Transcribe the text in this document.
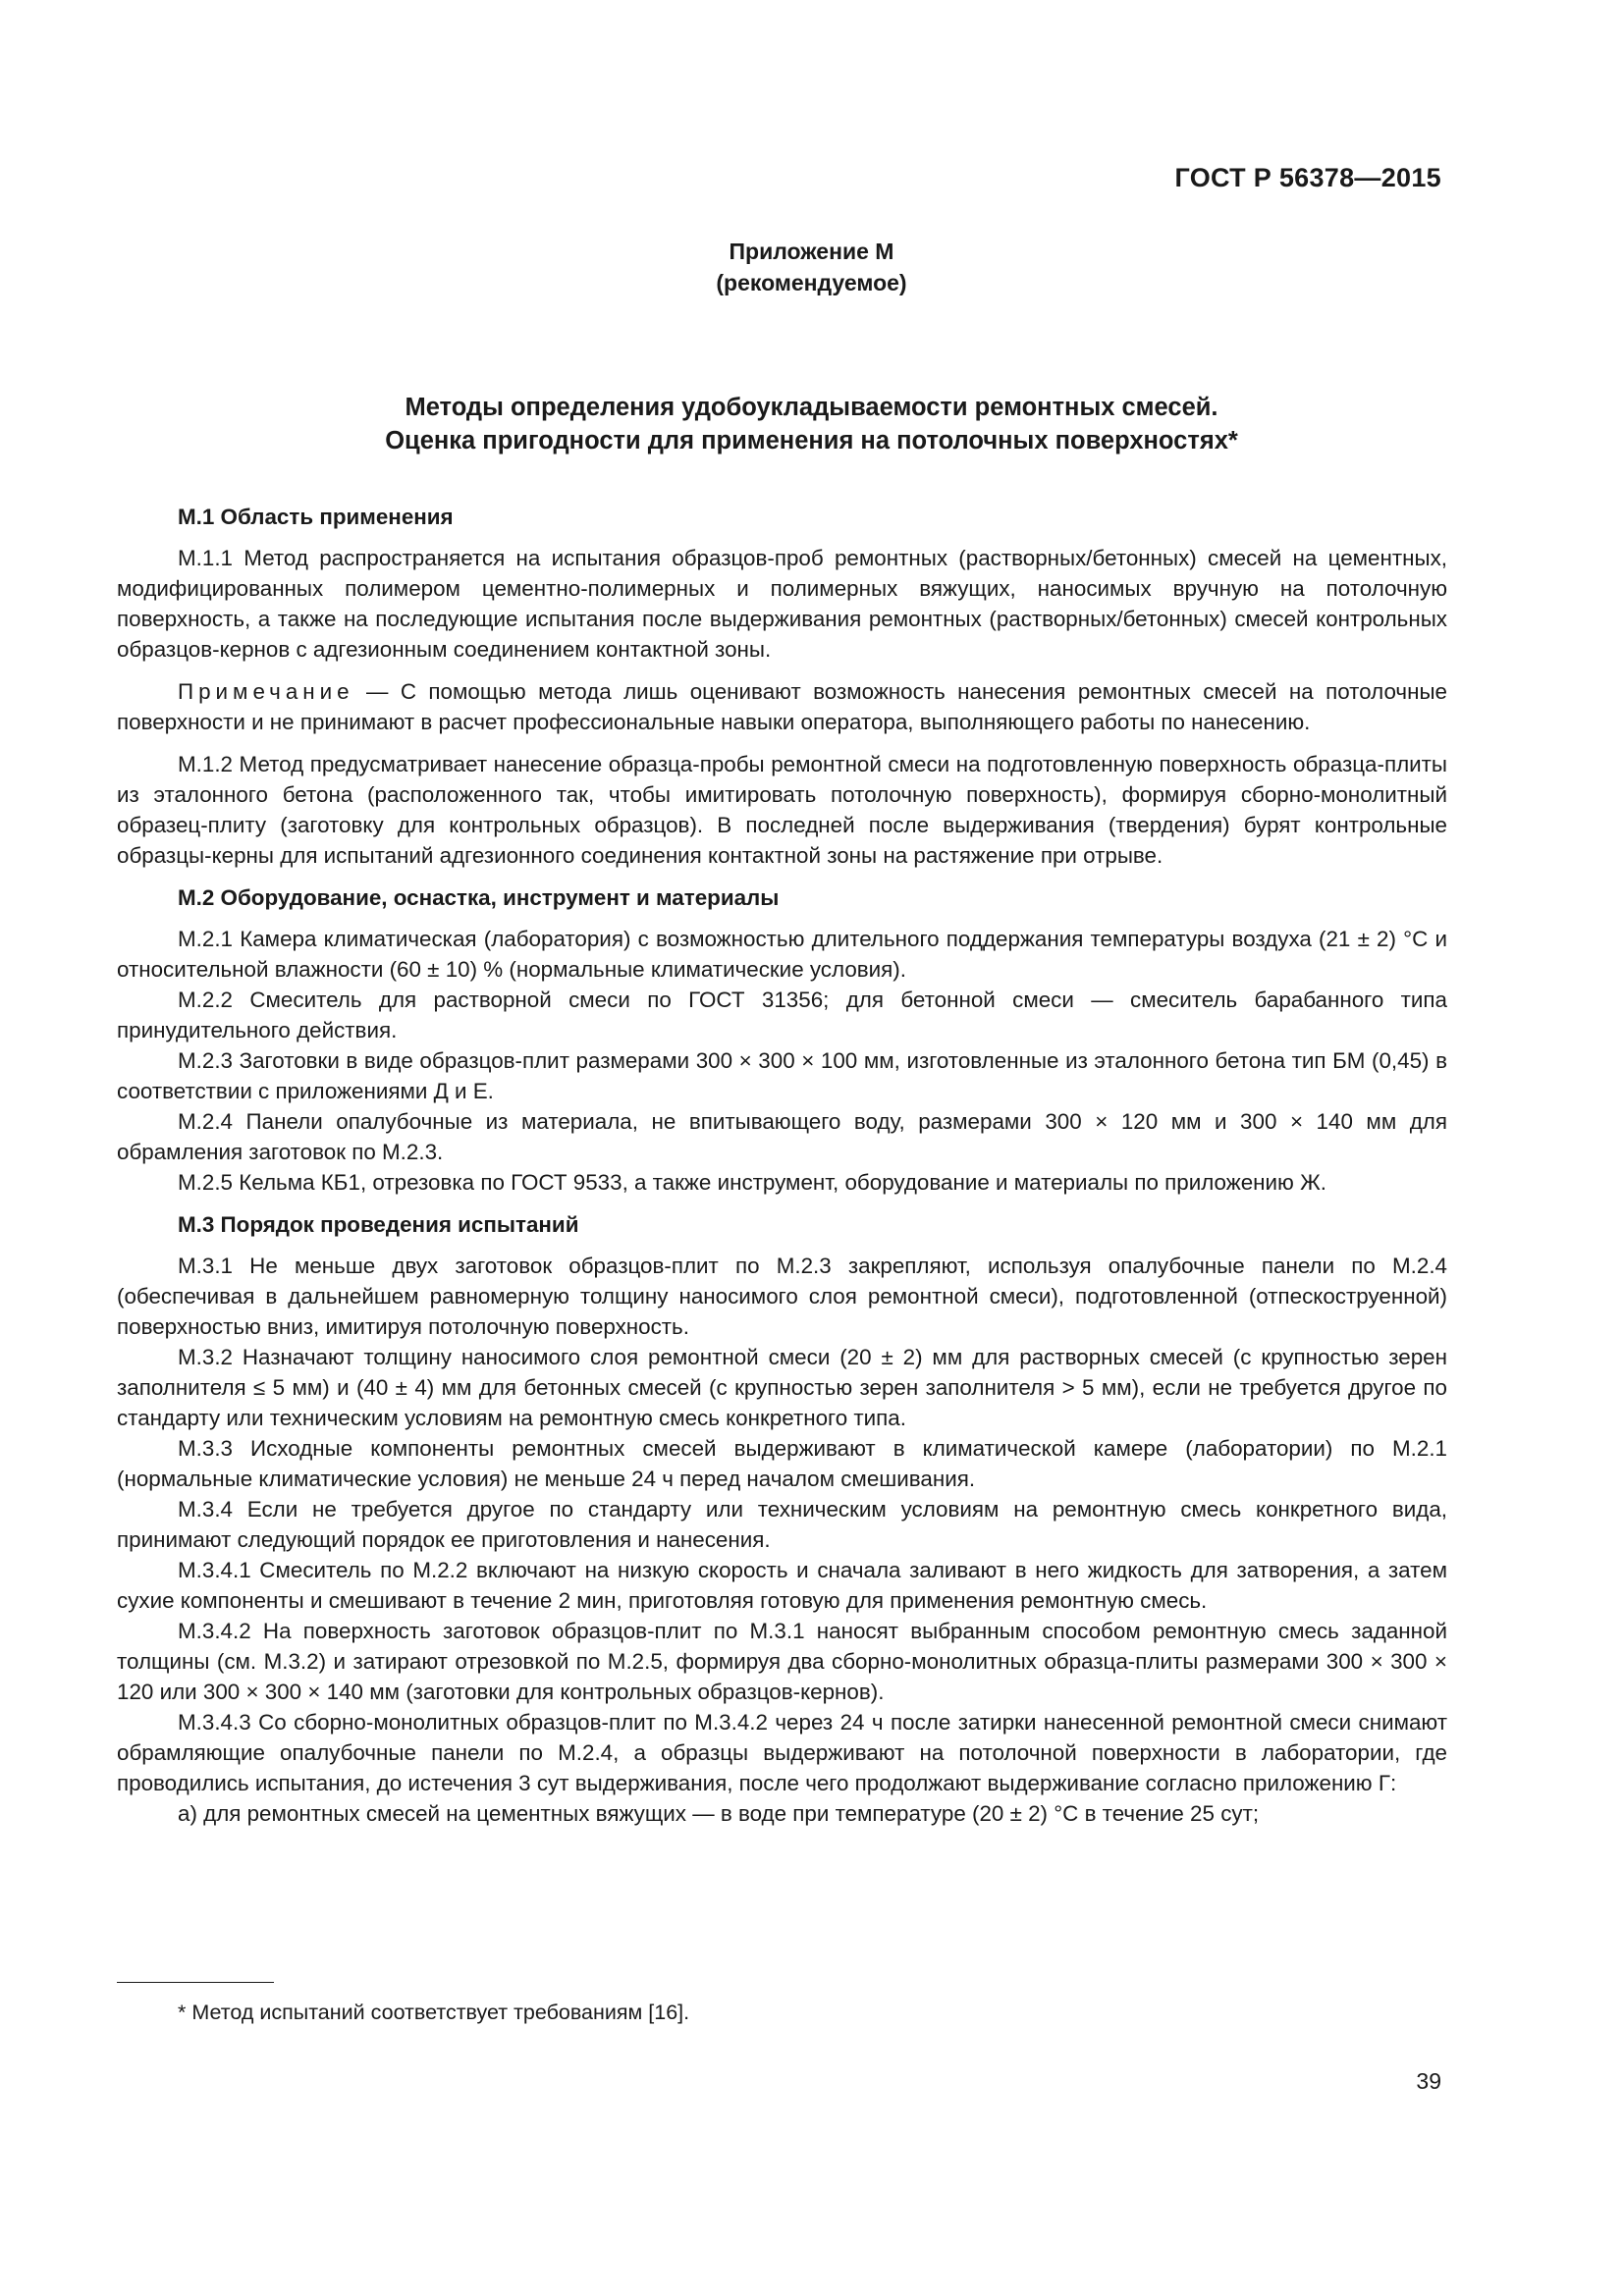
ГОСТ Р 56378—2015
Приложение М
(рекомендуемое)
Методы определения удобоукладываемости ремонтных смесей.
Оценка пригодности для применения на потолочных поверхностях*
М.1 Область применения

М.1.1 Метод распространяется на испытания образцов-проб ремонтных (растворных/бетонных) смесей на цементных, модифицированных полимером цементно-полимерных и полимерных вяжущих, наносимых вручную на потолочную поверхность, а также на последующие испытания после выдерживания ремонтных (растворных/бетонных) смесей контрольных образцов-кернов с адгезионным соединением контактной зоны.

Примечание — С помощью метода лишь оценивают возможность нанесения ремонтных смесей на потолочные поверхности и не принимают в расчет профессиональные навыки оператора, выполняющего работы по нанесению.

М.1.2 Метод предусматривает нанесение образца-пробы ремонтной смеси на подготовленную поверхность образца-плиты из эталонного бетона (расположенного так, чтобы имитировать потолочную поверхность), формируя сборно-монолитный образец-плиту (заготовку для контрольных образцов). В последней после выдерживания (твердения) бурят контрольные образцы-керны для испытаний адгезионного соединения контактной зоны на растяжение при отрыве.

М.2 Оборудование, оснастка, инструмент и материалы

М.2.1 Камера климатическая (лаборатория) с возможностью длительного поддержания температуры воздуха (21 ± 2) °С и относительной влажности (60 ± 10) % (нормальные климатические условия).

М.2.2 Смеситель для растворной смеси по ГОСТ 31356; для бетонной смеси — смеситель барабанного типа принудительного действия.

М.2.3 Заготовки в виде образцов-плит размерами 300 × 300 × 100 мм, изготовленные из эталонного бетона тип БМ (0,45) в соответствии с приложениями Д и Е.

М.2.4 Панели опалубочные из материала, не впитывающего воду, размерами 300 × 120 мм и 300 × 140 мм для обрамления заготовок по М.2.3.

М.2.5 Кельма КБ1, отрезовка по ГОСТ 9533, а также инструмент, оборудование и материалы по приложению Ж.

М.3 Порядок проведения испытаний

М.3.1 Не меньше двух заготовок образцов-плит по М.2.3 закрепляют, используя опалубочные панели по М.2.4 (обеспечивая в дальнейшем равномерную толщину наносимого слоя ремонтной смеси), подготовленной (отпескоструенной) поверхностью вниз, имитируя потолочную поверхность.

М.3.2 Назначают толщину наносимого слоя ремонтной смеси (20 ± 2) мм для растворных смесей (с крупностью зерен заполнителя ≤ 5 мм) и (40 ± 4) мм для бетонных смесей (с крупностью зерен заполнителя > 5 мм), если не требуется другое по стандарту или техническим условиям на ремонтную смесь конкретного типа.

М.3.3 Исходные компоненты ремонтных смесей выдерживают в климатической камере (лаборатории) по М.2.1 (нормальные климатические условия) не меньше 24 ч перед началом смешивания.

М.3.4 Если не требуется другое по стандарту или техническим условиям на ремонтную смесь конкретного вида, принимают следующий порядок ее приготовления и нанесения.

М.3.4.1 Смеситель по М.2.2 включают на низкую скорость и сначала заливают в него жидкость для затворения, а затем сухие компоненты и смешивают в течение 2 мин, приготовляя готовую для применения ремонтную смесь.

М.3.4.2 На поверхность заготовок образцов-плит по М.3.1 наносят выбранным способом ремонтную смесь заданной толщины (см. М.3.2) и затирают отрезовкой по М.2.5, формируя два сборно-монолитных образца-плиты размерами 300 × 300 × 120 или 300 × 300 × 140 мм (заготовки для контрольных образцов-кернов).

М.3.4.3 Со сборно-монолитных образцов-плит по М.3.4.2 через 24 ч после затирки нанесенной ремонтной смеси снимают обрамляющие опалубочные панели по М.2.4, а образцы выдерживают на потолочной поверхности в лаборатории, где проводились испытания, до истечения 3 сут выдерживания, после чего продолжают выдерживание согласно приложению Г:

а) для ремонтных смесей на цементных вяжущих — в воде при температуре (20 ± 2) °С в течение 25 сут;

* Метод испытаний соответствует требованиям [16].
39
